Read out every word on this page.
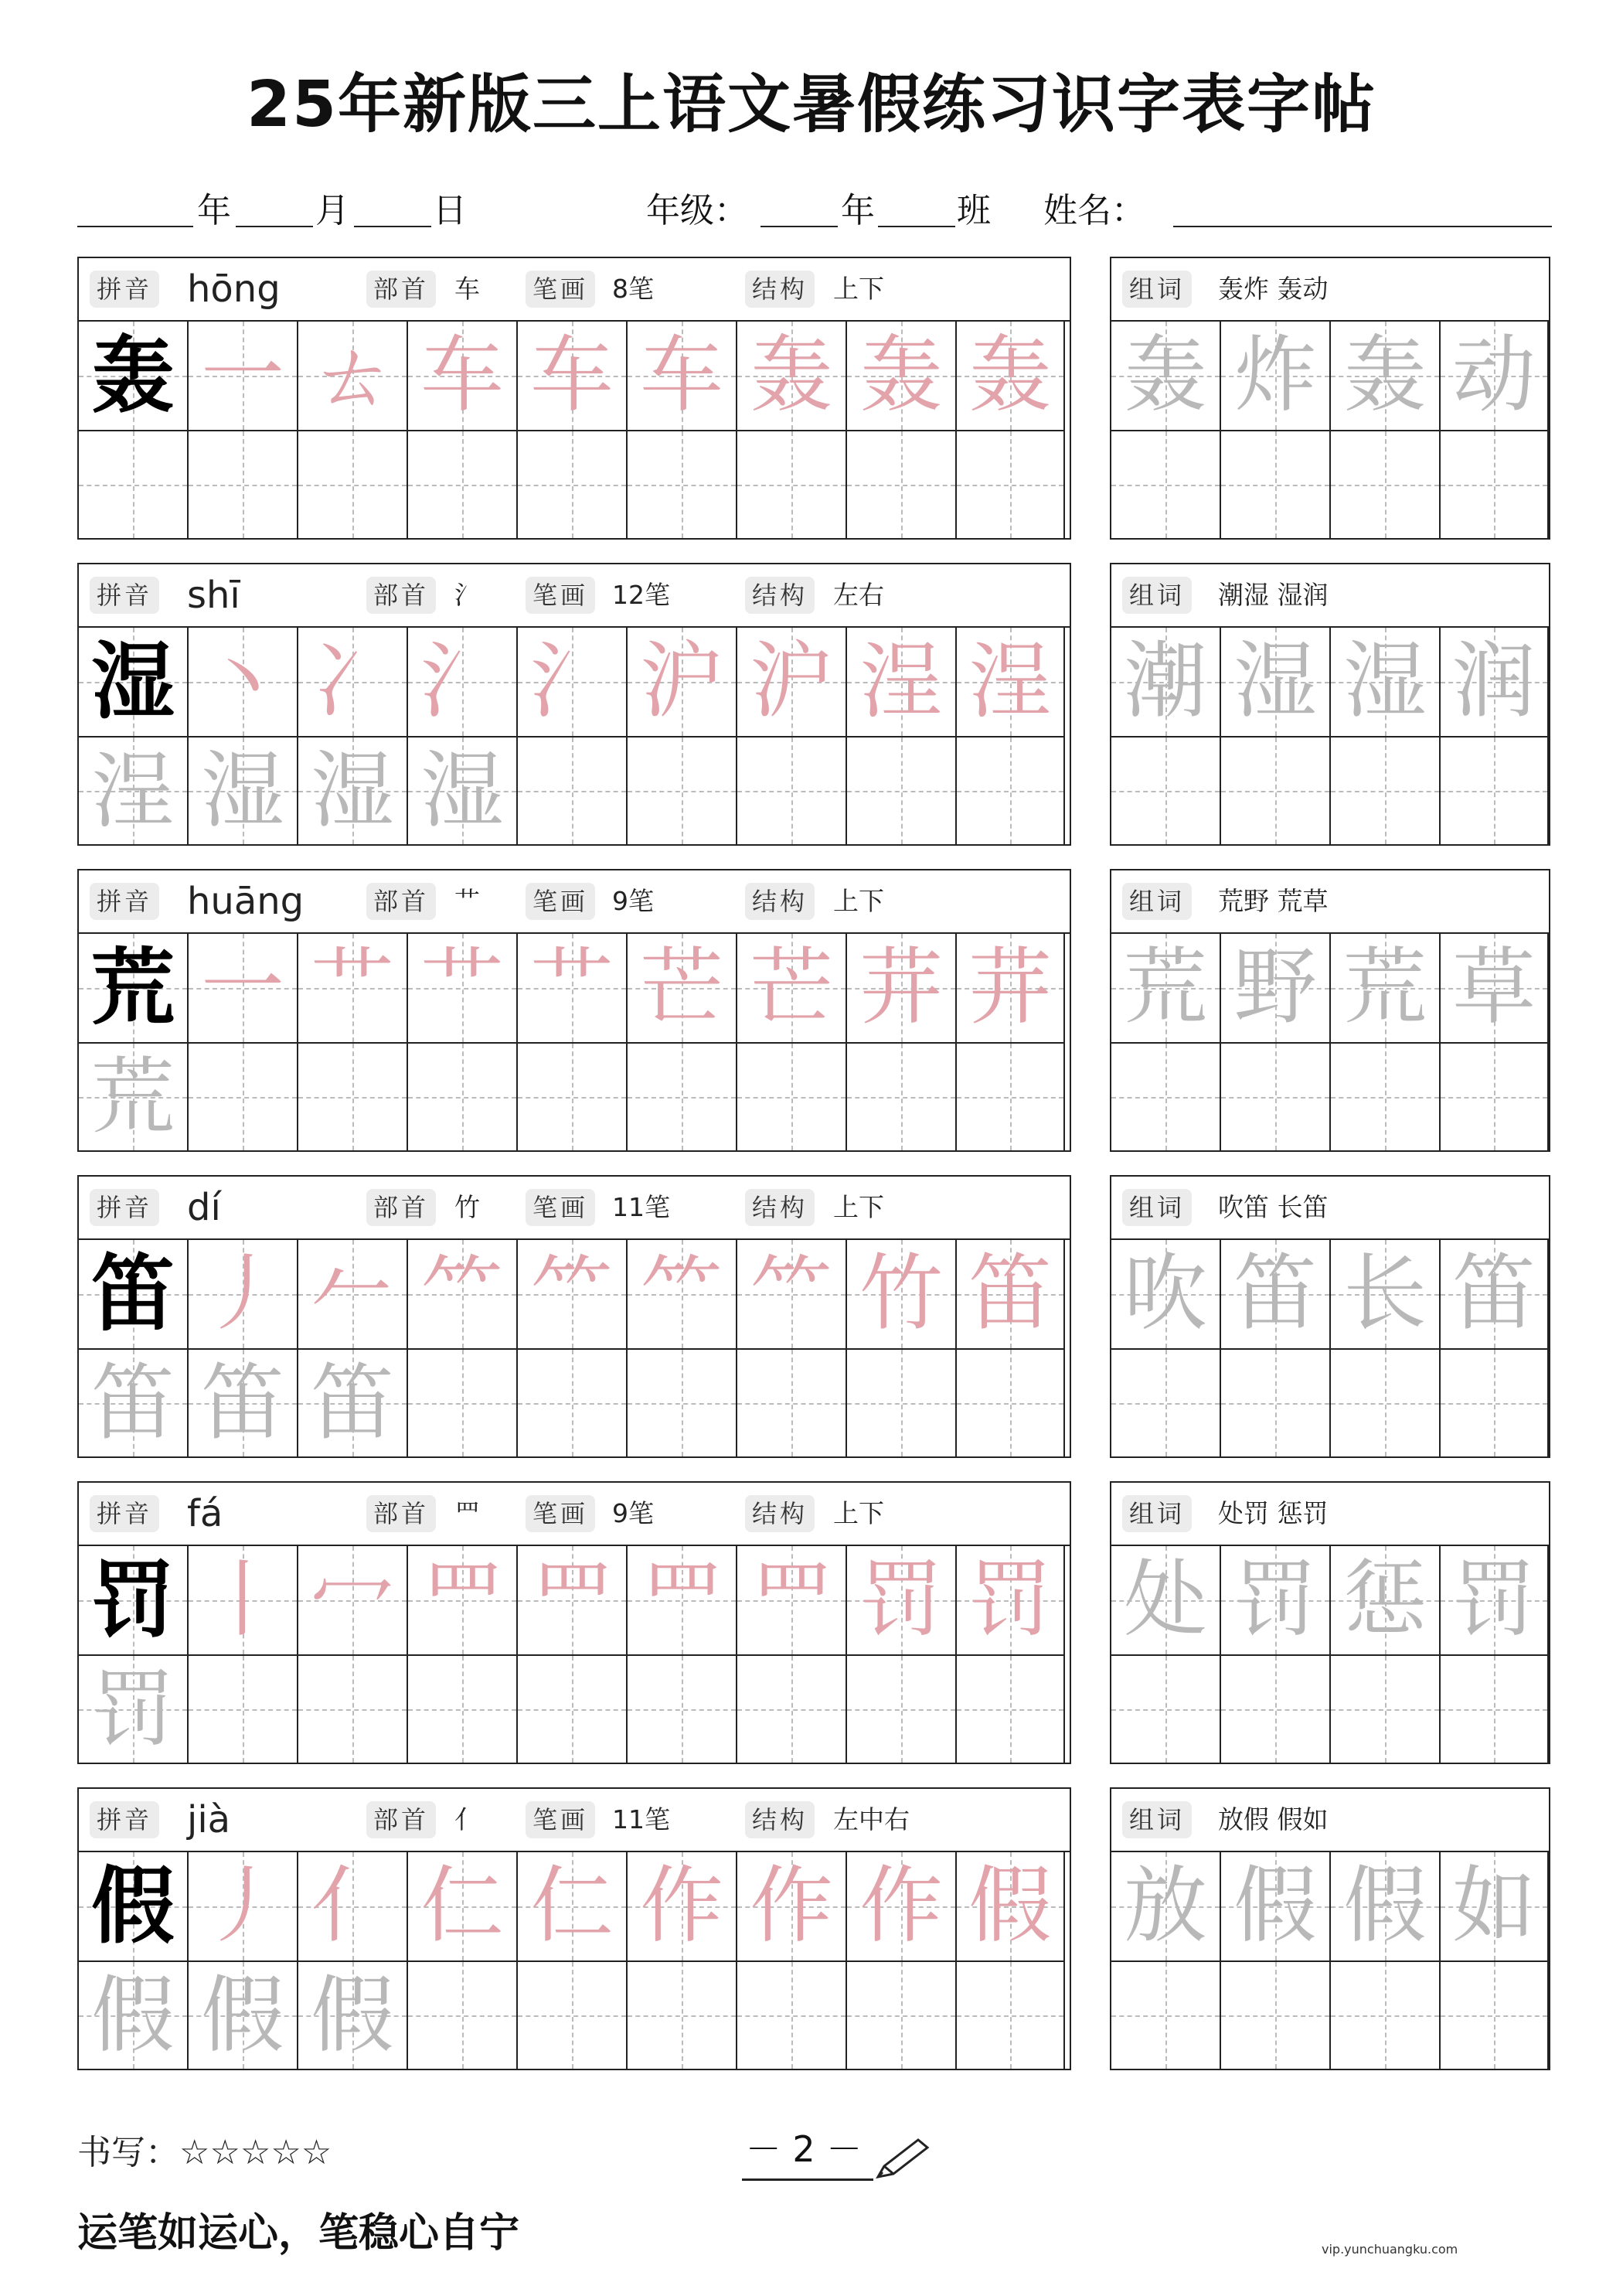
25年新版三上语文暑假练习识字表字帖
年 月 日	年级：	年 班 姓名：
拼音 hōng	部首 车 笔画 8笔	结构 上下
轰 一 ㄊ 车 车 车 轰 轰 轰
组词 轰炸 轰动
轰 炸 轰 动
拼音 shī	部首 氵 笔画 12笔	结构 左右
湿 丶 冫 氵 氵 沪 沪 浧 浧
浧 湿 湿 湿
组词 潮湿 湿润
潮 湿 湿 润
拼音 huāng	部首 艹 笔画 9笔	结构 上下
荒 一 艹 艹 艹 芒 芒 茾 茾
荒
组词 荒野 荒草
荒 野 荒 草
拼音 dí	部首 竹 笔画 11笔	结构 上下
笛 丿 𠂉 ⺮ ⺮ ⺮ ⺮ 竹 笛
笛 笛 笛
组词 吹笛 长笛
吹 笛 长 笛
拼音 fá	部首 罒 笔画 9笔	结构 上下
罚 丨 冖 罒 罒 罒 罒 罚 罚
罚
组词 处罚 惩罚
处 罚 惩 罚
拼音 jià	部首 亻 笔画 11笔	结构 左中右
假 丿 亻 仁 仁 作 作 作 假
假 假 假
组词 放假 假如
放 假 假 如
书写：☆☆☆☆☆	－ 2 －
运笔如运心，笔稳心自宁	vip.yunchuangku.com
